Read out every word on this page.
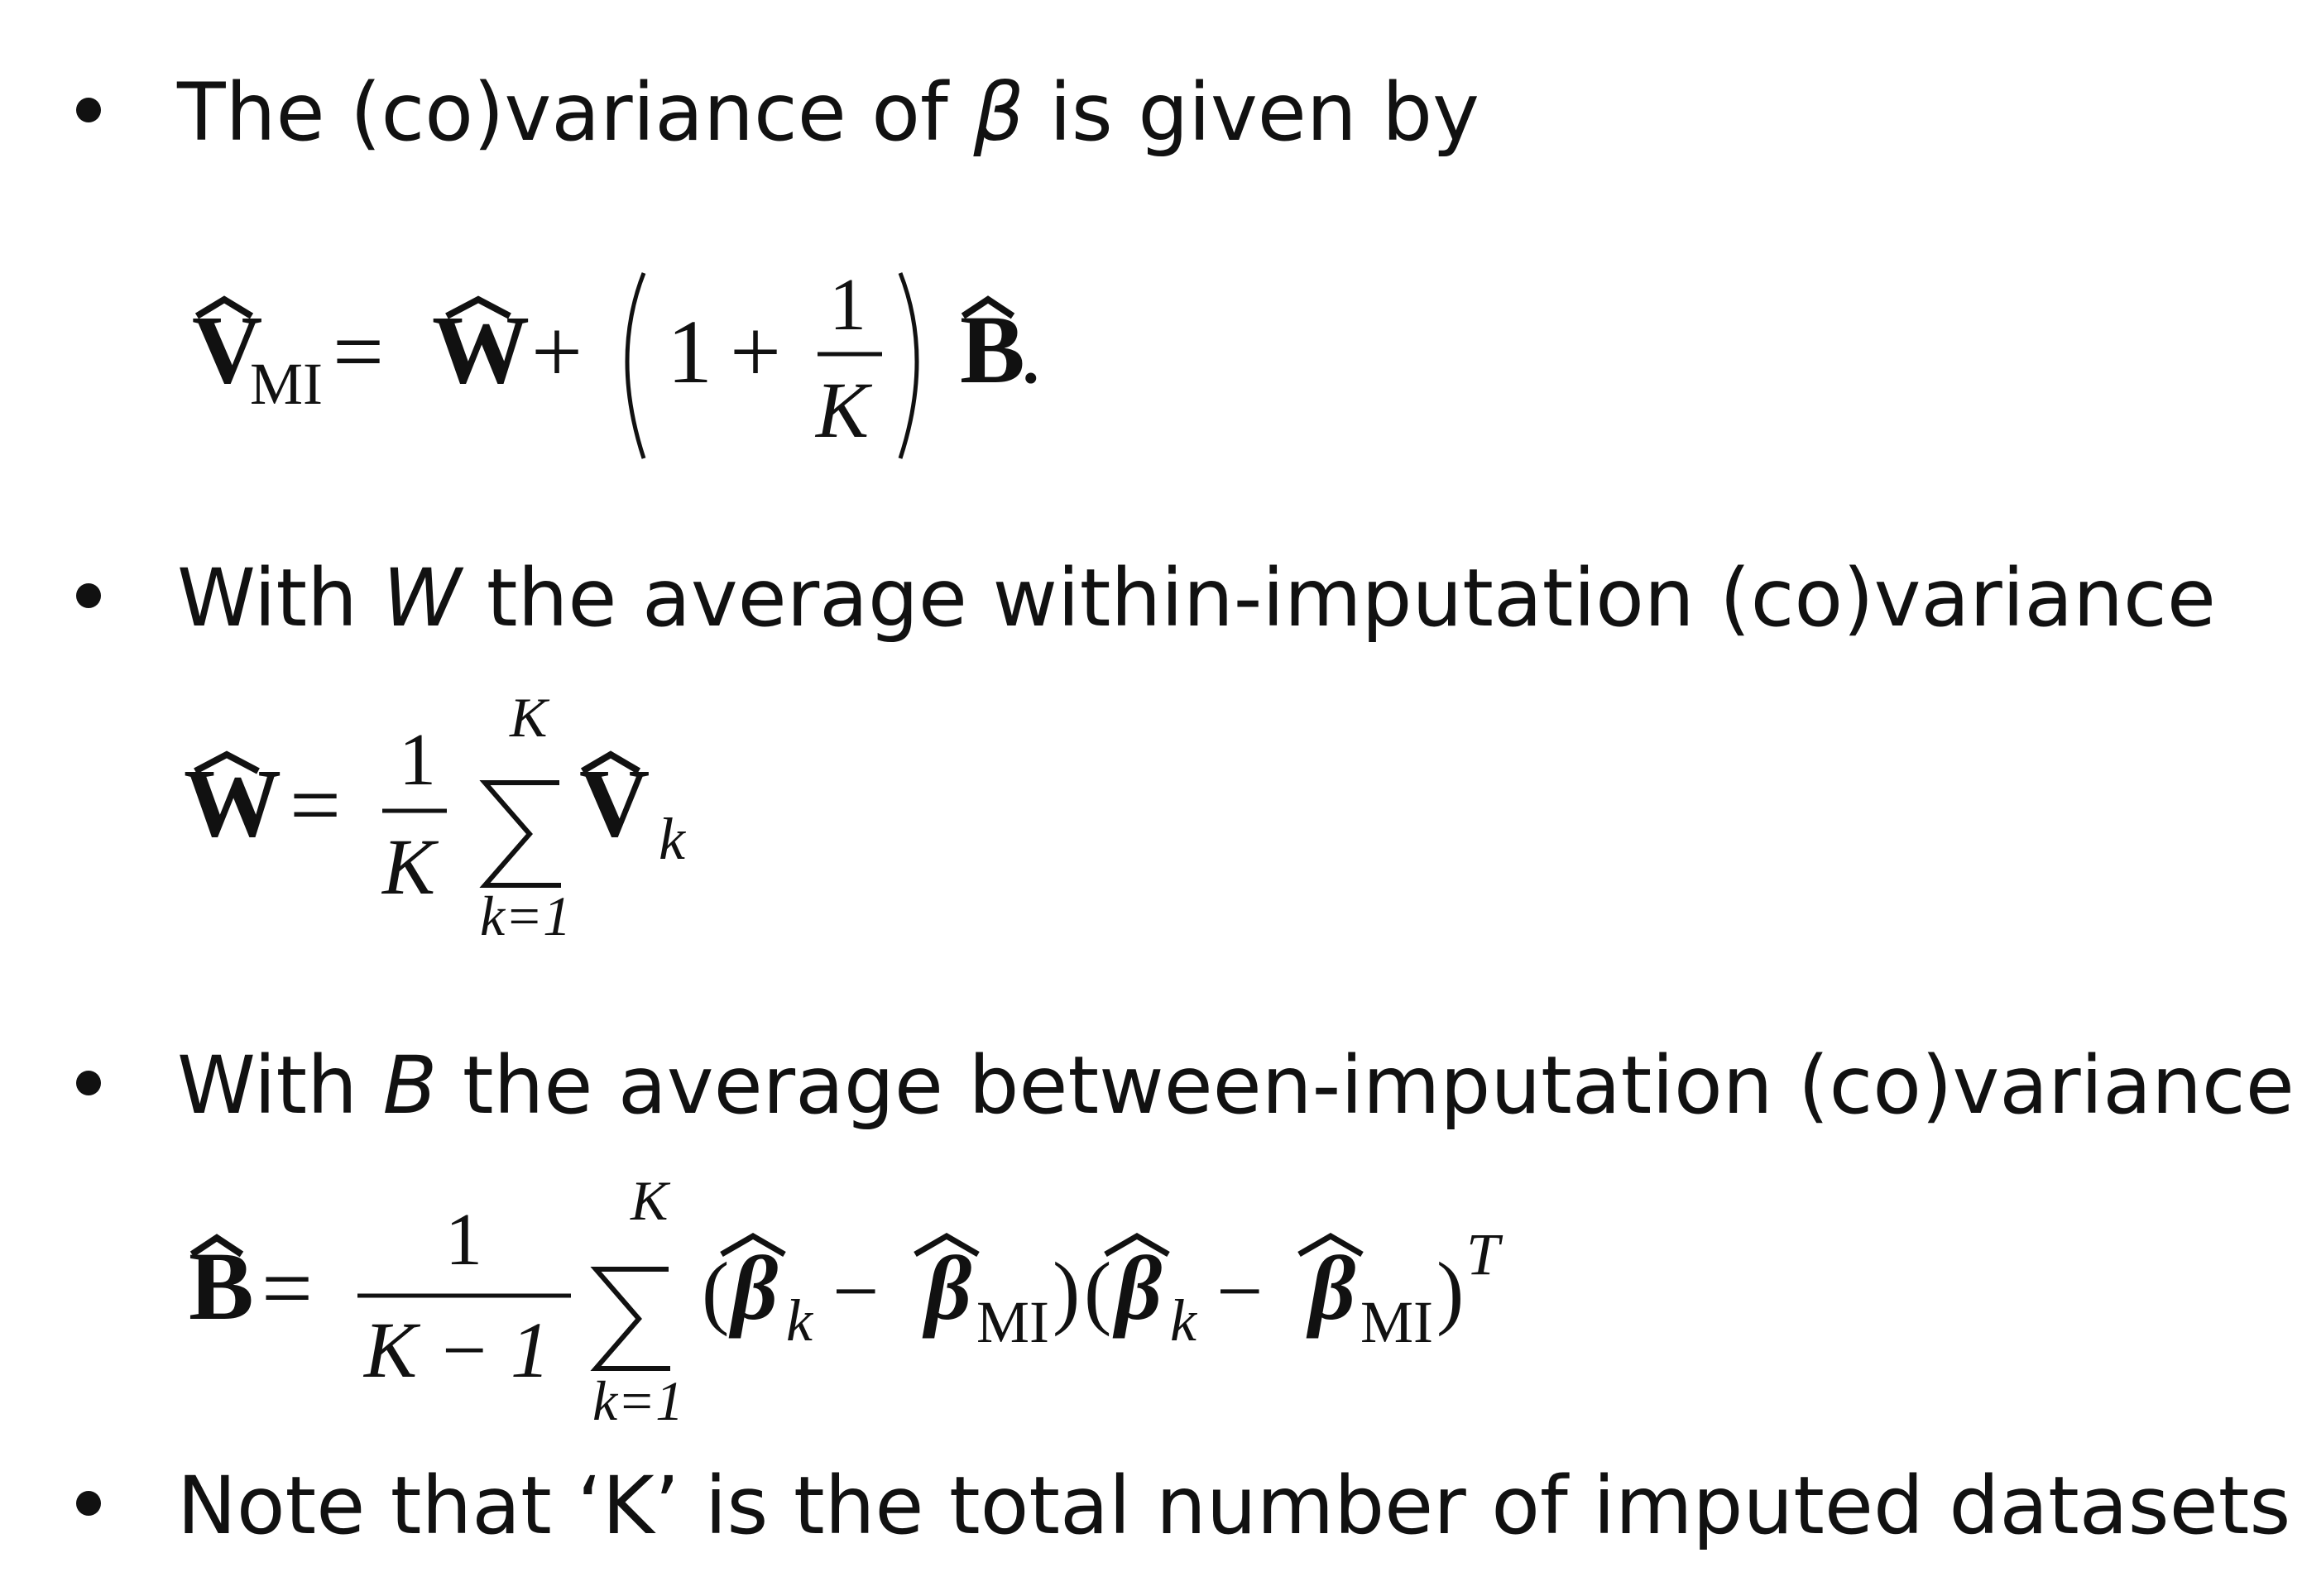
The (co)variance of β is given by
With W the average within-imputation (co)variance
With B the average between-imputation (co)variance
Note that ‘K’ is the total number of imputed datasets
V
MI = W + 1 + 1
K
B
.
W = 1
K
K
k=1
V k
B = 1
K − 1
K
k=1
( β k − β MI ) ( β k − β MI ) T
